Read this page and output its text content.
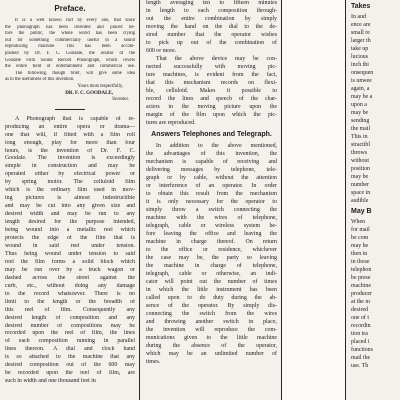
Preface.
It is a well known fact by every one, that since
the phonograph has been invented and placed be-
fore the public, the whole world has been crying
out for something commercially useful in a sound
reproducing machine. This has been accom-
plished by Dr. F. C. Goodale, the aviator of the
Goodale Film Sound Record Phonograph, which covers
the entire field of entertainment and commercial use.
The following, though brief, will give some idea
as to the usefulness of this invention.
Yours most respectfully,
DR. F. C. GOODALE,
Inventor.
A Phonograph that is capable of re-
producing an entire opera or drama—
one that will, if fitted with a film roll
long enough, play for more than four
hours, is the invention of Dr. F. C.
Goodale. The invention is exceedingly
simple in construction and may be
operated either by electrical power or
by spring motor. The celluloid film
which is the ordinary film used in mov-
ing pictures is almost indestructible
and may be cut into any given size and
desired width and may be run to any
length desired for the purpose intended,
being wound into a metallic reel which
protects the edge of the film that is
wound in said reel under tension.
Thus being wound under tension to said
reel the film forms a solid block which
may be run over by a truck wagon or
dashed across the street against the
curb, etc., without doing any damage
to the record whatsoever. There is no
limit to the length or the breadth of
this reel of film. Consequently any
desired length of composition and any
desired number of compositions may be
recorded upon the reel of film, the lines
of each composition running in parallel
lines thereon. A dial and clock hand
is so attached to the machine that any
desired composition out of the 600 may
be recorded upon the reel of film, are
such in width and one thousand feet in
length averaging ten to fifteen minutes
in length to each composition through-
out the entire combination by simply
moving the hand on the dial to the de-
sired number that the operator wishes
to pick up out of the combination of
600 or more.
That the above device may be con-
nected successfully with moving pic-
ture machines, is evident from the fact,
that this mechanism records on flexi-
ble, celluloid. Makes it possible to
record the lines and speech of the char-
acters in the moving picture upon the
margin of the film upon which the pic-
tures are reproduced.
Answers Telephones and Telegraph.
In addition to the above mentioned,
the advantages of this invention, the
mechanism is capable of receiving and
delivering messages by telephone, tele-
graph or by cable, without the attention
or interference of an operator. In order
to obtain this result from the mechanism
it is only necessary for the operator to
simply throw a switch connecting the
machine with the wires of telephone,
telegraph, cable or wireless system be-
fore leaving the office and leaving the
machine in charge thereof. On return
to the office or residence, whichever
the case may be, the party so leaving
the machine in charge of telephone,
telegraph, cable or otherwise, an indi-
cator will point out the number of times
in which the little instrument has been
called upon to do duty during the ab-
sence of the operator. By simply dis-
connecting the switch from the wires
and throwing another switch in place,
the invention will reproduce the com-
munications given to the little machine
during the absence of the operator,
which may be an unlimited number of
times.
Takes
In aud
ence are
small re
larger th
take up
lucious
inch thi
onsequen
is unwee
again, a
may be a
upon a
may be
sending
the mail
This in
stractibl
throws
without
position
may be
number
space in
audible
May B
When
for mail
be com
may be
then in
in those
telephon
be prese
machine
producer
at the m
desired
one of t
recordin
tion tra
placed i
functions
mail the
use. Th
